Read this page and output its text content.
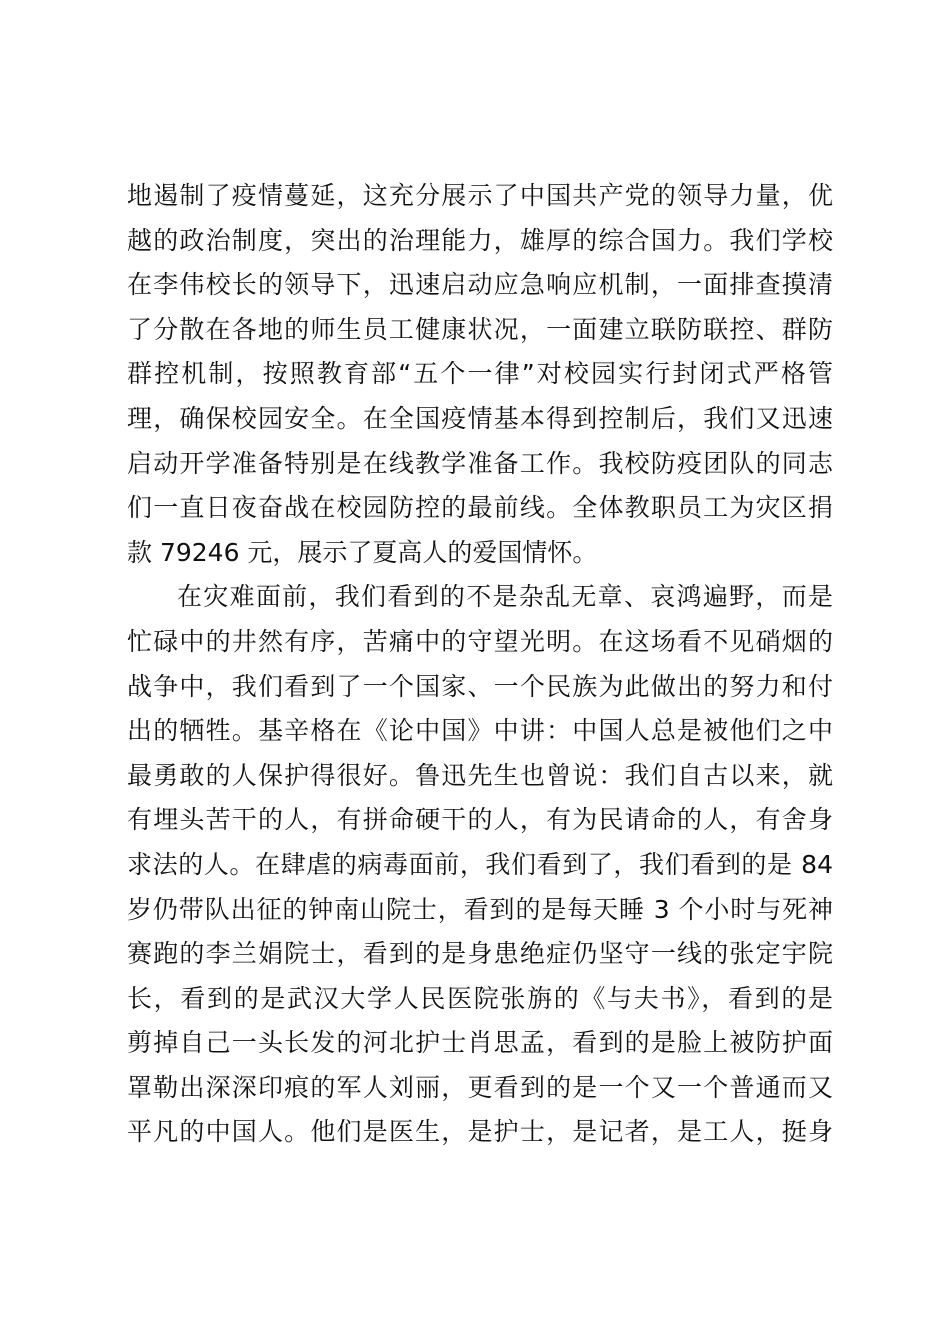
地遏制了疫情蔓延，这充分展示了中国共产党的领导力量，优
越的政治制度，突出的治理能力，雄厚的综合国力。我们学校
在李伟校长的领导下，迅速启动应急响应机制，一面排查摸清
了分散在各地的师生员工健康状况，一面建立联防联控、群防
群控机制，按照教育部“五个一律”对校园实行封闭式严格管
理，确保校园安全。在全国疫情基本得到控制后，我们又迅速
启动开学准备特别是在线教学准备工作。我校防疫团队的同志
们一直日夜奋战在校园防控的最前线。全体教职员工为灾区捐
款 79246 元，展示了夏高人的爱国情怀。
在灾难面前，我们看到的不是杂乱无章、哀鸿遍野，而是
忙碌中的井然有序，苦痛中的守望光明。在这场看不见硝烟的
战争中，我们看到了一个国家、一个民族为此做出的努力和付
出的牺牲。基辛格在《论中国》中讲：中国人总是被他们之中
最勇敢的人保护得很好。鲁迅先生也曾说：我们自古以来，就
有埋头苦干的人，有拼命硬干的人，有为民请命的人，有舍身
求法的人。在肆虐的病毒面前，我们看到了，我们看到的是 84
岁仍带队出征的钟南山院士，看到的是每天睡 3 个小时与死神
赛跑的李兰娟院士，看到的是身患绝症仍坚守一线的张定宇院
长，看到的是武汉大学人民医院张旃的《与夫书》，看到的是
剪掉自己一头长发的河北护士肖思孟，看到的是脸上被防护面
罩勒出深深印痕的军人刘丽，更看到的是一个又一个普通而又
平凡的中国人。他们是医生，是护士，是记者，是工人，挺身
